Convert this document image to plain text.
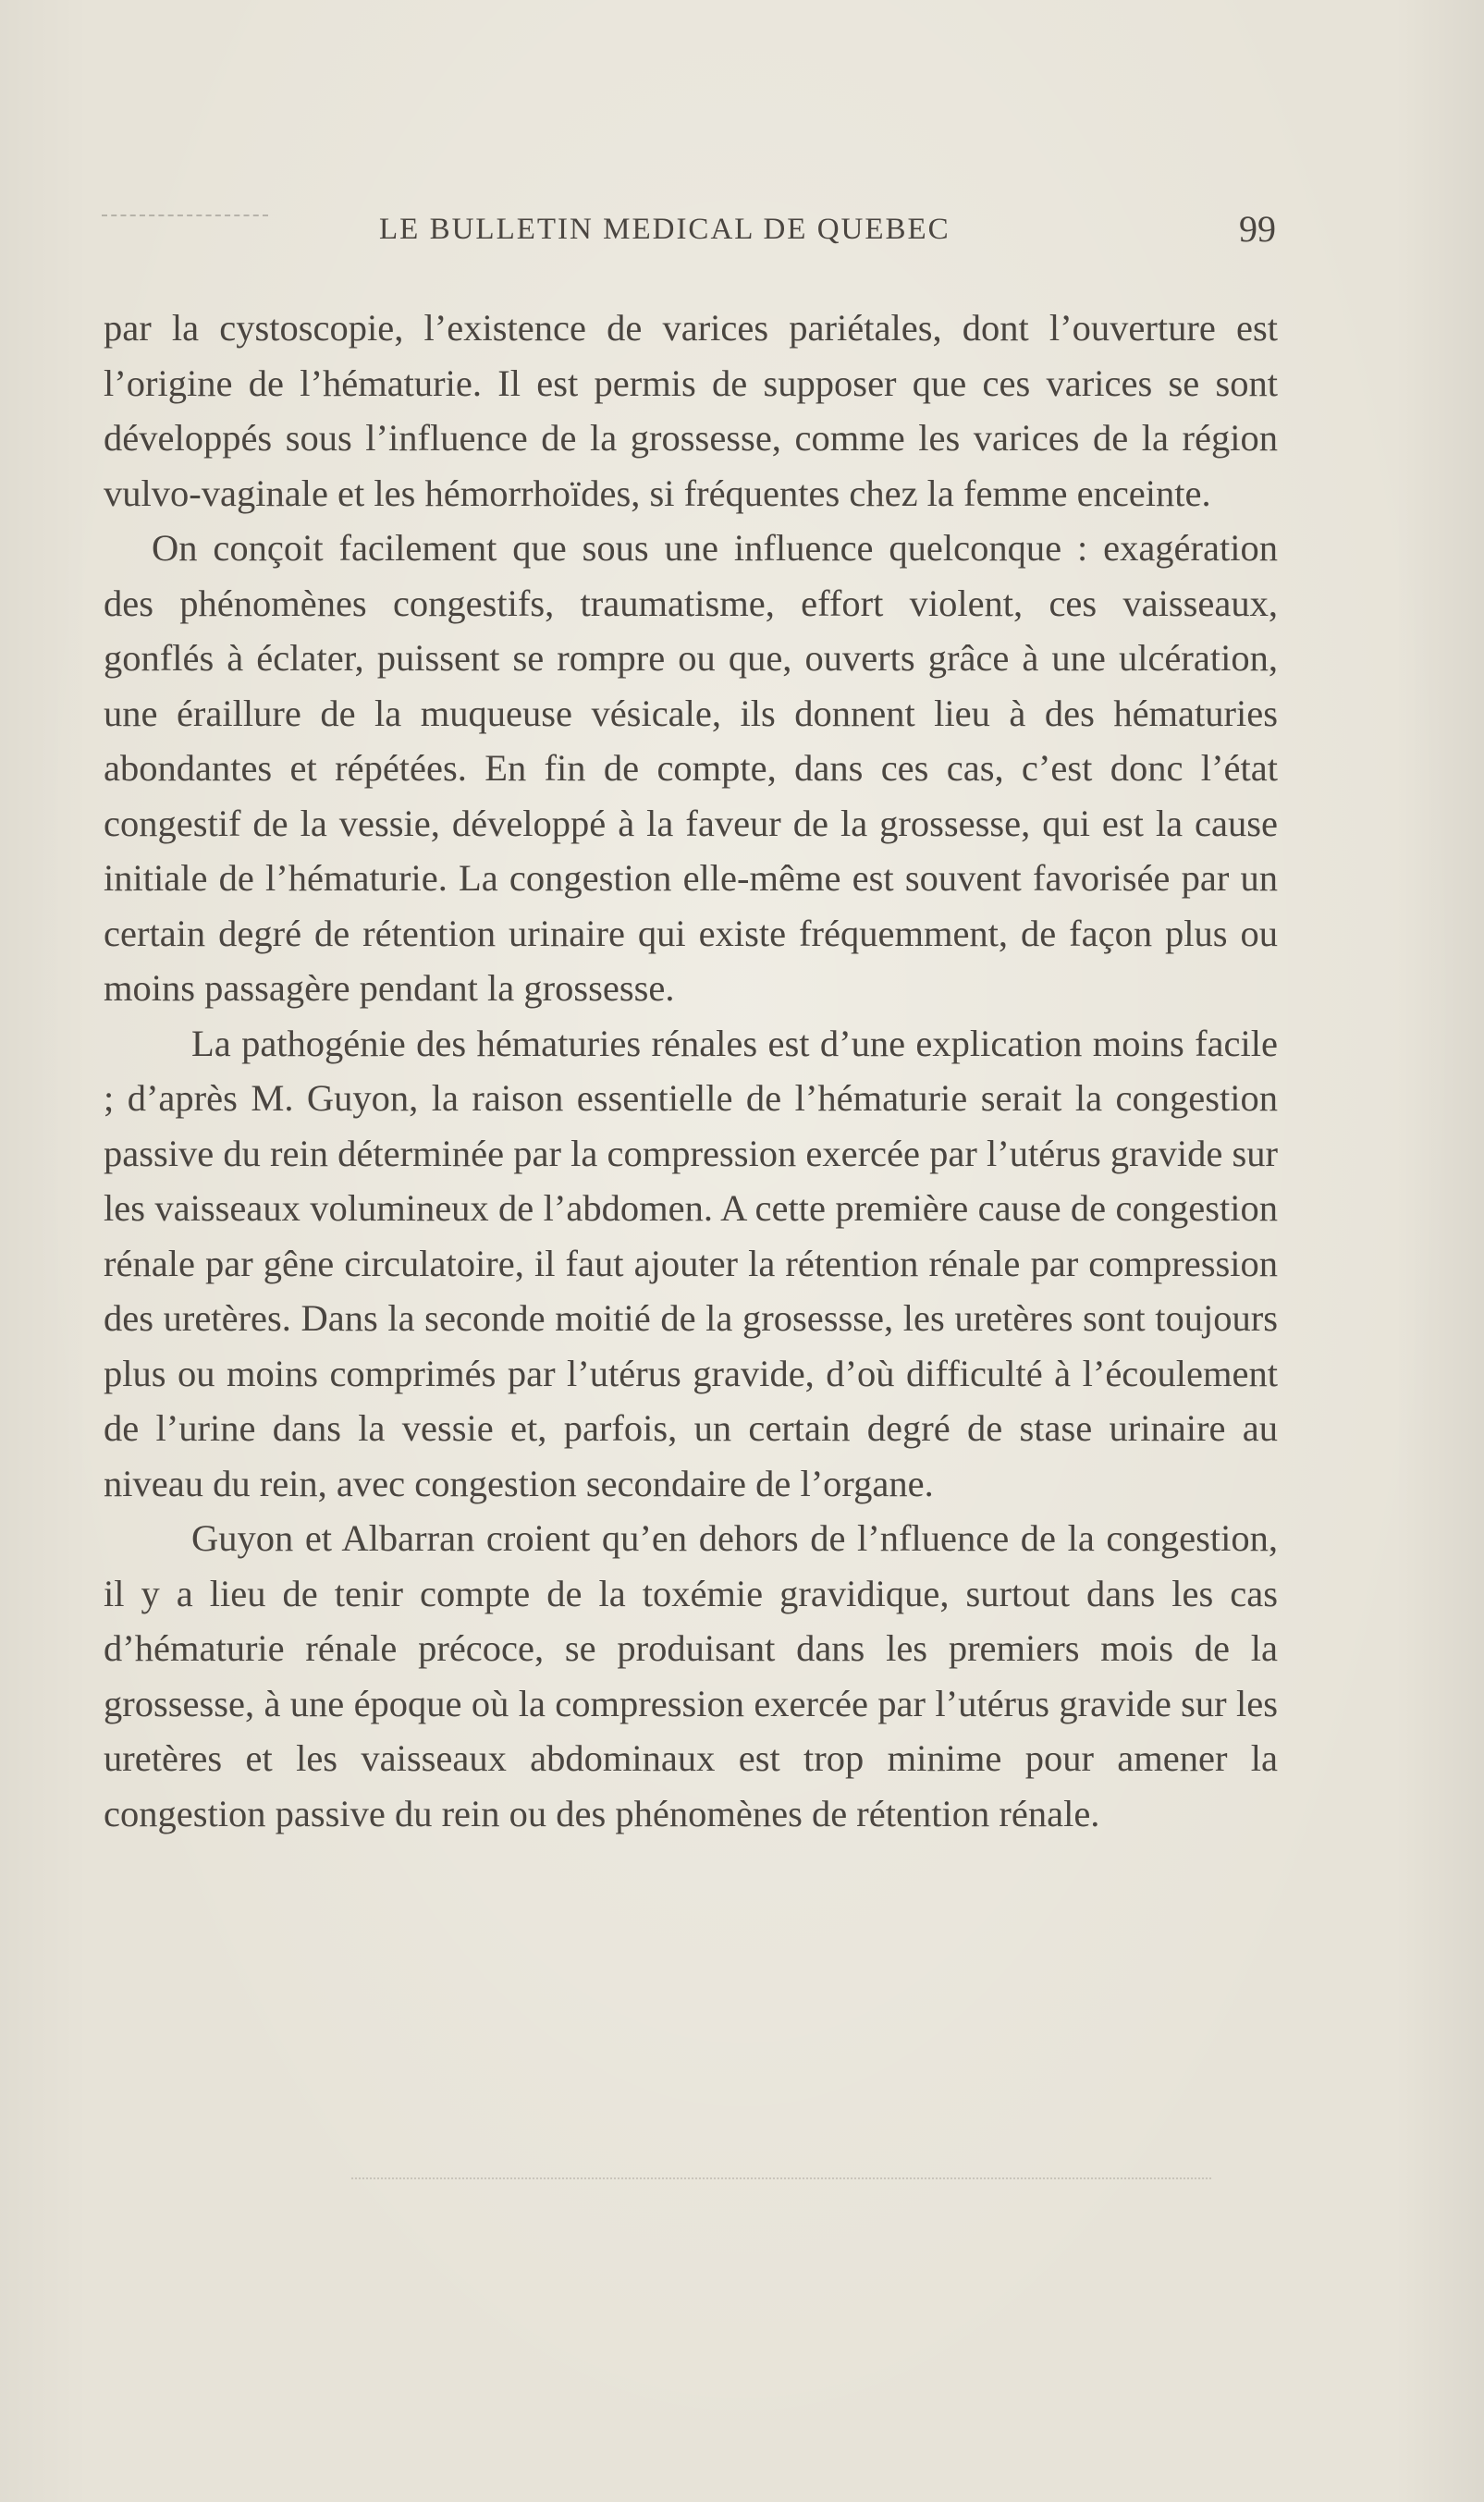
LE BULLETIN MEDICAL DE QUEBEC	99

par la cystoscopie, l’existence de varices pariétales, dont l’ouverture est l’origine de l’hématurie. Il est permis de supposer que ces varices se sont développés sous l’influence de la grossesse, comme les varices de la région vulvo-vaginale et les hémorrhoïdes, si fréquentes chez la femme enceinte.

On conçoit facilement que sous une influence quelconque : exagération des phénomènes congestifs, traumatisme, effort violent, ces vaisseaux, gonflés à éclater, puissent se rompre ou que, ouverts grâce à une ulcération, une éraillure de la muqueuse vésicale, ils donnent lieu à des hématuries abondantes et répétées. En fin de compte, dans ces cas, c’est donc l’état congestif de la vessie, développé à la faveur de la grossesse, qui est la cause initiale de l’hématurie. La congestion elle-même est souvent favorisée par un certain degré de rétention urinaire qui existe fréquemment, de façon plus ou moins passagère pendant la grossesse.

La pathogénie des hématuries rénales est d’une explication moins facile ; d’après M. Guyon, la raison essentielle de l’hématurie serait la congestion passive du rein déterminée par la compression exercée par l’utérus gravide sur les vaisseaux volumineux de l’abdomen. A cette première cause de congestion rénale par gêne circulatoire, il faut ajouter la rétention rénale par compression des uretères. Dans la seconde moitié de la grosessse, les uretères sont toujours plus ou moins comprimés par l’utérus gravide, d’où difficulté à l’écoulement de l’urine dans la vessie et, parfois, un certain degré de stase urinaire au niveau du rein, avec congestion secondaire de l’organe.

Guyon et Albarran croient qu’en dehors de l’nfluence de la congestion, il y a lieu de tenir compte de la toxémie gravidique, surtout dans les cas d’hématurie rénale précoce, se produisant dans les premiers mois de la grossesse, à une époque où la compression exercée par l’utérus gravide sur les uretères et les vaisseaux abdominaux est trop minime pour amener la congestion passive du rein ou des phénomènes de rétention rénale.
